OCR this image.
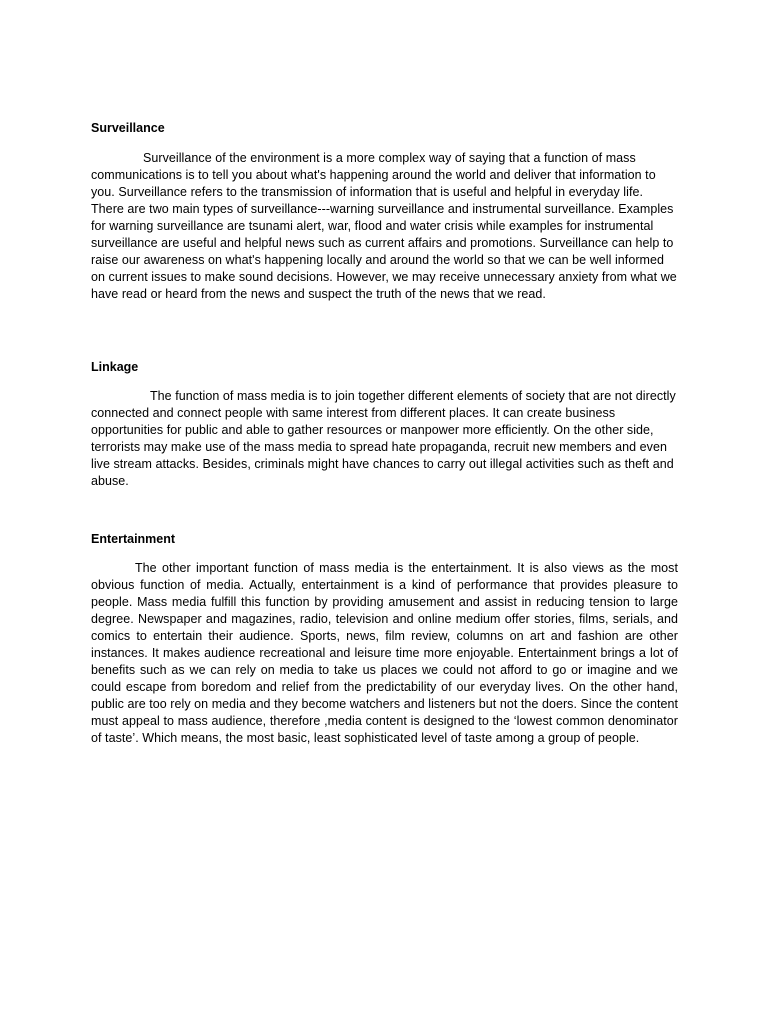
Surveillance

Surveillance of the environment is a more complex way of saying that a function of mass communications is to tell you about what's happening around the world and deliver that information to you. Surveillance refers to the transmission of information that is useful and helpful in everyday life. There are two main types of surveillance---warning surveillance and instrumental surveillance. Examples for warning surveillance are tsunami alert, war, flood and water crisis while examples for instrumental surveillance are useful and helpful news such as current affairs and promotions. Surveillance can help to raise our awareness on what's happening locally and around the world so that we can be well informed on current issues to make sound decisions. However, we may receive unnecessary anxiety from what we have read or heard from the news and suspect the truth of the news that we read.

Linkage

The function of mass media is to join together different elements of society that are not directly connected and connect people with same interest from different places. It can create business opportunities for public and able to gather resources or manpower more efficiently. On the other side, terrorists may make use of the mass media to spread hate propaganda, recruit new members and even live stream attacks. Besides, criminals might have chances to carry out illegal activities such as theft and abuse.

Entertainment

The other important function of mass media is the entertainment. It is also views as the most obvious function of media. Actually, entertainment is a kind of performance that provides pleasure to people. Mass media fulfill this function by providing amusement and assist in reducing tension to large degree. Newspaper and magazines, radio, television and online medium offer stories, films, serials, and comics to entertain their audience. Sports, news, film review, columns on art and fashion are other instances. It makes audience recreational and leisure time more enjoyable. Entertainment brings a lot of benefits such as we can rely on media to take us places we could not afford to go or imagine and we could escape from boredom and relief from the predictability of our everyday lives. On the other hand, public are too rely on media and they become watchers and listeners but not the doers. Since the content must appeal to mass audience, therefore ,media content is designed to the ‘lowest common denominator of taste’. Which means, the most basic, least sophisticated level of taste among a group of people.
